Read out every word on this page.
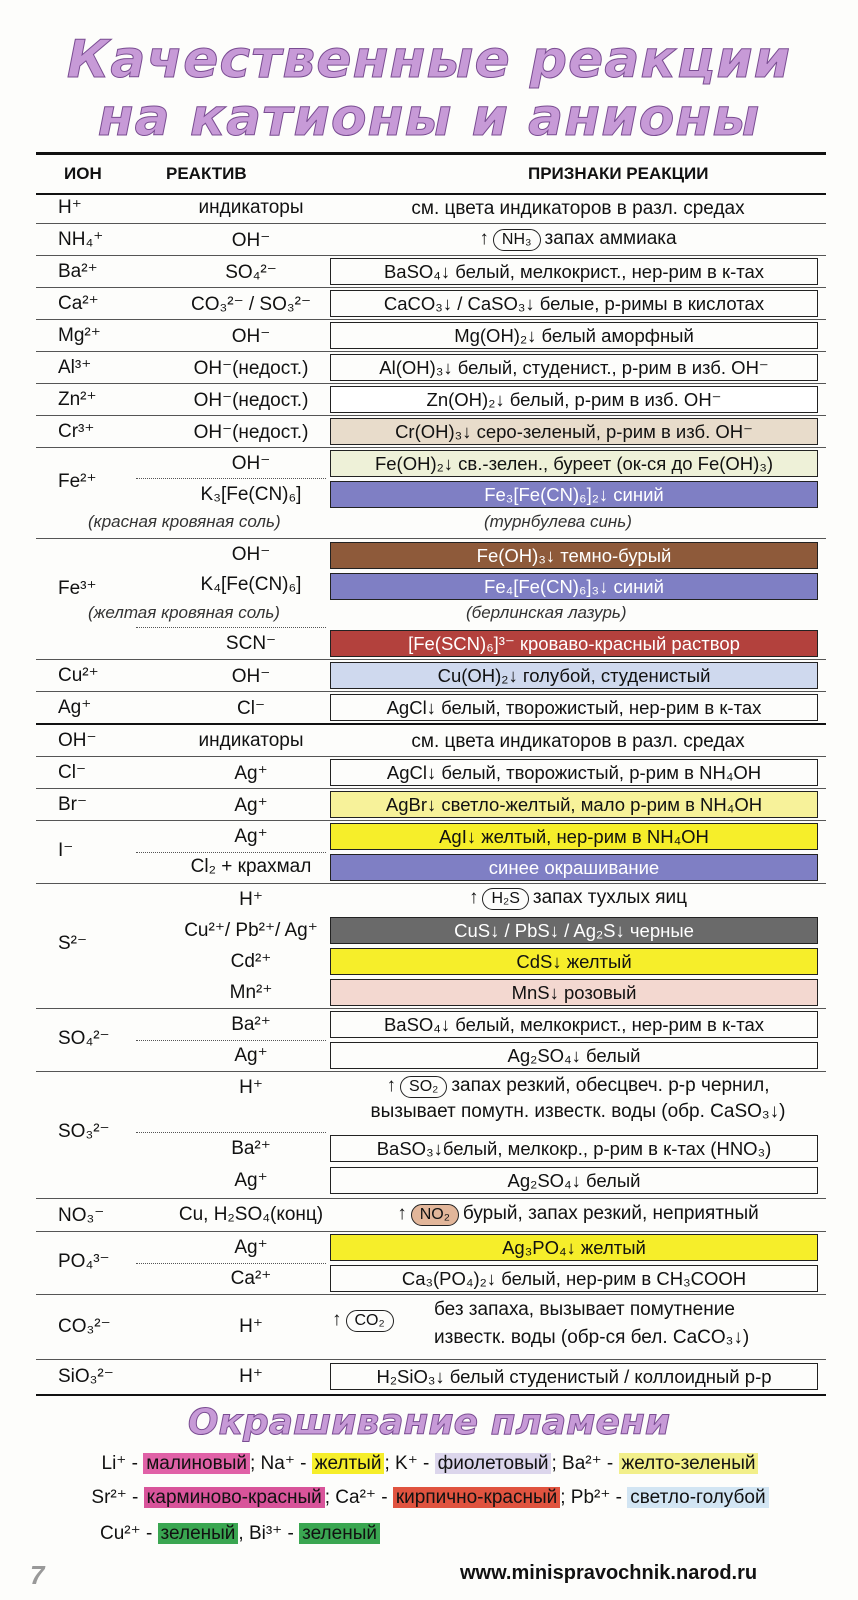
Качественные реакции
на катионы и анионы
ИОН	РЕАКТИВ	ПРИЗНАКИ РЕАКЦИИ
H⁺	индикаторы	см. цвета индикаторов в разл. средах
NH₄⁺	OH⁻	↑ NH₃ запах аммиака
Ba²⁺	SO₄²⁻	BaSO₄↓ белый, мелкокрист., нер-рим в к-тах
Ca²⁺	CO₃²⁻ / SO₃²⁻	CaCO₃↓ / CaSO₃↓ белые, р-римы в кислотах
Mg²⁺	OH⁻	Mg(OH)₂↓ белый аморфный
Al³⁺	OH⁻(недост.)	Al(OH)₃↓ белый, студенист., р-рим в изб. OH⁻
Zn²⁺	OH⁻(недост.)	Zn(OH)₂↓ белый, р-рим в изб. OH⁻
Cr³⁺	OH⁻(недост.)	Cr(OH)₃↓ серо-зеленый, р-рим в изб. OH⁻
Fe²⁺
OH⁻	Fe(OH)₂↓ св.-зелен., буреет (ок-ся до Fe(OH)₃)
K₃[Fe(CN)₆]	Fe₃[Fe(CN)₆]₂↓ синий
(красная кровяная соль)	(турнбулева синь)
Fe³⁺
OH⁻	Fe(OH)₃↓ темно-бурый
K₄[Fe(CN)₆]	Fe₄[Fe(CN)₆]₃↓ синий
(желтая кровяная соль)	(берлинская лазурь)
SCN⁻	[Fe(SCN)₆]³⁻ кроваво-красный раствор
Cu²⁺	OH⁻	Cu(OH)₂↓ голубой, студенистый
Ag⁺	Cl⁻	AgCl↓ белый, творожистый, нер-рим в к-тах
OH⁻	индикаторы	см. цвета индикаторов в разл. средах
Cl⁻	Ag⁺	AgCl↓ белый, творожистый, р-рим в NH₄OH
Br⁻	Ag⁺	AgBr↓ светло-желтый, мало р-рим в NH₄OH
I⁻
Ag⁺	AgI↓ желтый, нер-рим в NH₄OH
Cl₂ + крахмал	синее окрашивание
S²⁻
H⁺	↑ H₂S запах тухлых яиц
Cu²⁺/ Pb²⁺/ Ag⁺	CuS↓ / PbS↓ / Ag₂S↓ черные
Cd²⁺	CdS↓ желтый
Mn²⁺	MnS↓ розовый
SO₄²⁻
Ba²⁺	BaSO₄↓ белый, мелкокрист., нер-рим в к-тах
Ag⁺	Ag₂SO₄↓ белый
SO₃²⁻
H⁺	↑ SO₂ запах резкий, обесцвеч. р-р чернил,
вызывает помутн. известк. воды (обр. CaSO₃↓)
Ba²⁺	BaSO₃↓белый, мелкокр., р-рим в к-тах (HNO₃)
Ag⁺	Ag₂SO₄↓ белый
NO₃⁻	Cu, H₂SO₄(конц)	↑ NO₂ бурый, запах резкий, неприятный
PO₄³⁻
Ag⁺	Ag₃PO₄↓ желтый
Ca²⁺	Ca₃(PO₄)₂↓ белый, нер-рим в CH₃COOH
CO₃²⁻	H⁺	↑ CO₂
без запаха, вызывает помутнение
известк. воды (обр-ся бел. CaCO₃↓)
SiO₃²⁻	H⁺	H₂SiO₃↓ белый студенистый / коллоидный р-р
Окрашивание пламени
Li⁺ - малиновый ; Na⁺ - желтый ; K⁺ - фиолетовый ; Ba²⁺ - желто-зеленый
Sr²⁺ - карминово-красный ; Ca²⁺ - кирпично-красный ; Pb²⁺ - светло-голубой
Cu²⁺ - зеленый , Bi³⁺ - зеленый
7	www.minispravochnik.narod.ru
